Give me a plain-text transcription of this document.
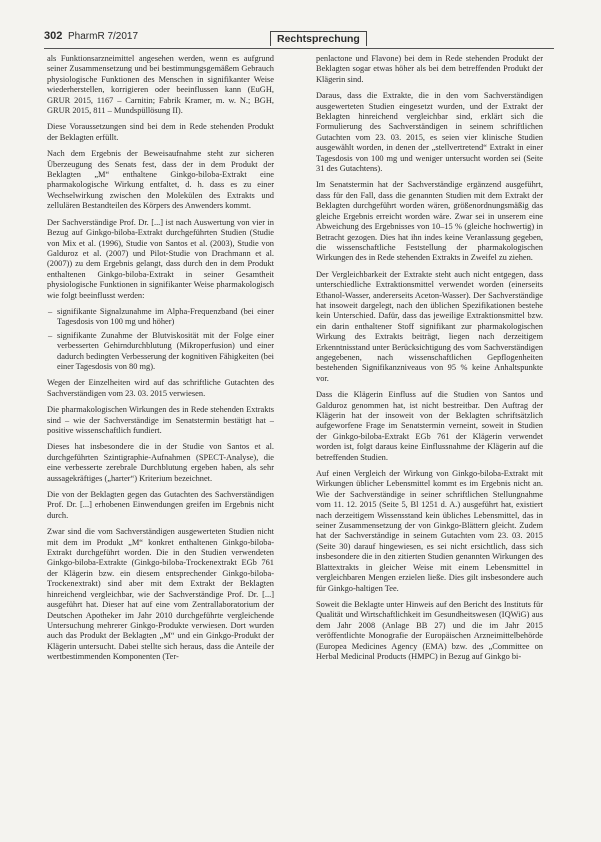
302 PharmR 7/2017	Rechtsprechung

als Funktionsarzneimittel angesehen werden, wenn es aufgrund seiner Zusammensetzung und bei bestimmungsgemäßem Gebrauch physiologische Funktionen des Menschen in signifikanter Weise wiederherstellen, korrigieren oder beeinflussen kann (EuGH, GRUR 2015, 1167 – Carnitin; Fabrik Kramer, m. w. N.; BGH, GRUR 2015, 811 – Mundspüllösung II).

Diese Voraussetzungen sind bei dem in Rede stehenden Produkt der Beklagten erfüllt.

Nach dem Ergebnis der Beweisaufnahme steht zur sicheren Überzeugung des Senats fest, dass der in dem Produkt der Beklagten „M“ enthaltene Ginkgo-biloba-Extrakt eine pharmakologische Wirkung entfaltet, d. h. dass es zu einer Wechselwirkung zwischen den Molekülen des Extrakts und zellulären Bestandteilen des Körpers des Anwenders kommt.

Der Sachverständige Prof. Dr. [...] ist nach Auswertung von vier in Bezug auf Ginkgo-biloba-Extrakt durchgeführten Studien (Studie von Mix et al. (1996), Studie von Santos et al. (2003), Studie von Galduroz et al. (2007) und Pilot-Studie von Drachmann et al. (2007)) zu dem Ergebnis gelangt, dass durch den in dem Produkt enthaltenen Ginkgo-biloba-Extrakt in seiner Gesamtheit physiologische Funktionen in signifikanter Weise pharmakologisch wie folgt beeinflusst werden:

– signifikante Signalzunahme im Alpha-Frequenzband (bei einer Tagesdosis von 100 mg und höher)
– signifikante Zunahme der Blutviskosität mit der Folge einer verbesserten Gehirndurchblutung (Mikroperfusion) und einer dadurch bedingten Verbesserung der kognitiven Fähigkeiten (bei einer Tagesdosis von 80 mg).

Wegen der Einzelheiten wird auf das schriftliche Gutachten des Sachverständigen vom 23. 03. 2015 verwiesen.

Die pharmakologischen Wirkungen des in Rede stehenden Extrakts sind – wie der Sachverständige im Senatstermin bestätigt hat – positive wissenschaftlich fundiert.

Dieses hat insbesondere die in der Studie von Santos et al. durchgeführten Szintigraphie-Aufnahmen (SPECT-Analyse), die eine verbesserte zerebrale Durchblutung ergeben haben, als sehr aussagekräftiges („harter“) Kriterium bezeichnet.

Die von der Beklagten gegen das Gutachten des Sachverständigen Prof. Dr. [...] erhobenen Einwendungen greifen im Ergebnis nicht durch.

Zwar sind die vom Sachverständigen ausgewerteten Studien nicht mit dem im Produkt „M“ konkret enthaltenen Ginkgo-biloba-Extrakt durchgeführt worden. Die in den Studien verwendeten Ginkgo-biloba-Extrakte (Ginkgo-biloba-Trockenextrakt EGb 761 der Klägerin bzw. ein diesem entsprechender Ginkgo-biloba-Trockenextrakt) sind aber mit dem Extrakt der Beklagten hinreichend vergleichbar, wie der Sachverständige Prof. Dr. [...] ausgeführt hat. Dieser hat auf eine vom Zentrallaboratorium der Deutschen Apotheker im Jahr 2010 durchgeführte vergleichende Untersuchung mehrerer Ginkgo-Produkte verwiesen. Dort wurden auch das Produkt der Beklagten „M“ und ein Ginkgo-Produkt der Klägerin untersucht. Dabei stellte sich heraus, dass die Anteile der wertbestimmenden Komponenten (Ter-

penlactone und Flavone) bei dem in Rede stehenden Produkt der Beklagten sogar etwas höher als bei dem betreffenden Produkt der Klägerin sind.

Daraus, dass die Extrakte, die in den vom Sachverständigen ausgewerteten Studien eingesetzt wurden, und der Extrakt der Beklagten hinreichend vergleichbar sind, erklärt sich die Formulierung des Sachverständigen in seinem schriftlichen Gutachten vom 23. 03. 2015, es seien vier klinische Studien ausgewählt worden, in denen der „stellvertretend“ Extrakt in einer Tagesdosis von 100 mg und weniger untersucht worden sei (Seite 31 des Gutachtens).

Im Senatstermin hat der Sachverständige ergänzend ausgeführt, dass für den Fall, dass die genannten Studien mit dem Extrakt der Beklagten durchgeführt worden wären, größenordnungsmäßig das gleiche Ergebnis erreicht worden wäre. Zwar sei in unserem eine Abweichung des Ergebnisses von 10–15 % (gleiche hochwertig) in Betracht gezogen. Dies hat ihn indes keine Veranlassung gegeben, die wissenschaftliche Feststellung der pharmakologischen Wirkungen des in Rede stehenden Extrakts in Zweifel zu ziehen.

Der Vergleichbarkeit der Extrakte steht auch nicht entgegen, dass unterschiedliche Extraktionsmittel verwendet worden (einerseits Ethanol-Wasser, andererseits Aceton-Wasser). Der Sachverständige hat insoweit dargelegt, nach den üblichen Spezifikationen bestehe kein Unterschied. Dafür, dass das jeweilige Extraktionsmittel bzw. ein darin enthaltener Stoff signifikant zur pharmakologischen Wirkung des Extrakts beiträgt, liegen nach derzeitigem Erkenntnisstand unter Berücksichtigung des vom Sachverständigen angegebenen, nach wissenschaftlichen Gepflogenheiten bestehenden Signifikanzniveaus von 95 % keine Anhaltspunkte vor.

Dass die Klägerin Einfluss auf die Studien von Santos und Galduroz genommen hat, ist nicht bestreitbar. Den Auftrag der Klägerin hat der insoweit von der Beklagten schriftsätzlich aufgeworfene Frage im Senatstermin verneint, soweit in Studien der Ginkgo-biloba-Extrakt EGb 761 der Klägerin verwendet worden ist, folgt daraus keine Einflussnahme der Klägerin auf die betreffenden Studien.

Auf einen Vergleich der Wirkung von Ginkgo-biloba-Extrakt mit Wirkungen üblicher Lebensmittel kommt es im Ergebnis nicht an. Wie der Sachverständige in seiner schriftlichen Stellungnahme vom 11. 12. 2015 (Seite 5, Bl 1251 d. A.) ausgeführt hat, existiert nach derzeitigem Wissensstand kein übliches Lebensmittel, das in seiner Zusammensetzung der von Ginkgo-Blättern gleicht. Zudem hat der Sachverständige in seinem Gutachten vom 23. 03. 2015 (Seite 30) darauf hingewiesen, es sei nicht ersichtlich, dass sich insbesondere die in den zitierten Studien genannten Wirkungen des Blattextrakts in gleicher Weise mit einem Lebensmittel in vergleichbaren Mengen erzielen ließe. Dies gilt insbesondere auch für Ginkgo-haltigen Tee.

Soweit die Beklagte unter Hinweis auf den Bericht des Instituts für Qualität und Wirtschaftlichkeit im Gesundheitswesen (IQWiG) aus dem Jahr 2008 (Anlage BB 27) und die im Jahr 2015 veröffentlichte Monografie der Europäischen Arzneimittelbehörde (Europea Medicines Agency (EMA) bzw. des „Committee on Herbal Medicinal Products (HMPC) in Bezug auf Ginkgo bi-
